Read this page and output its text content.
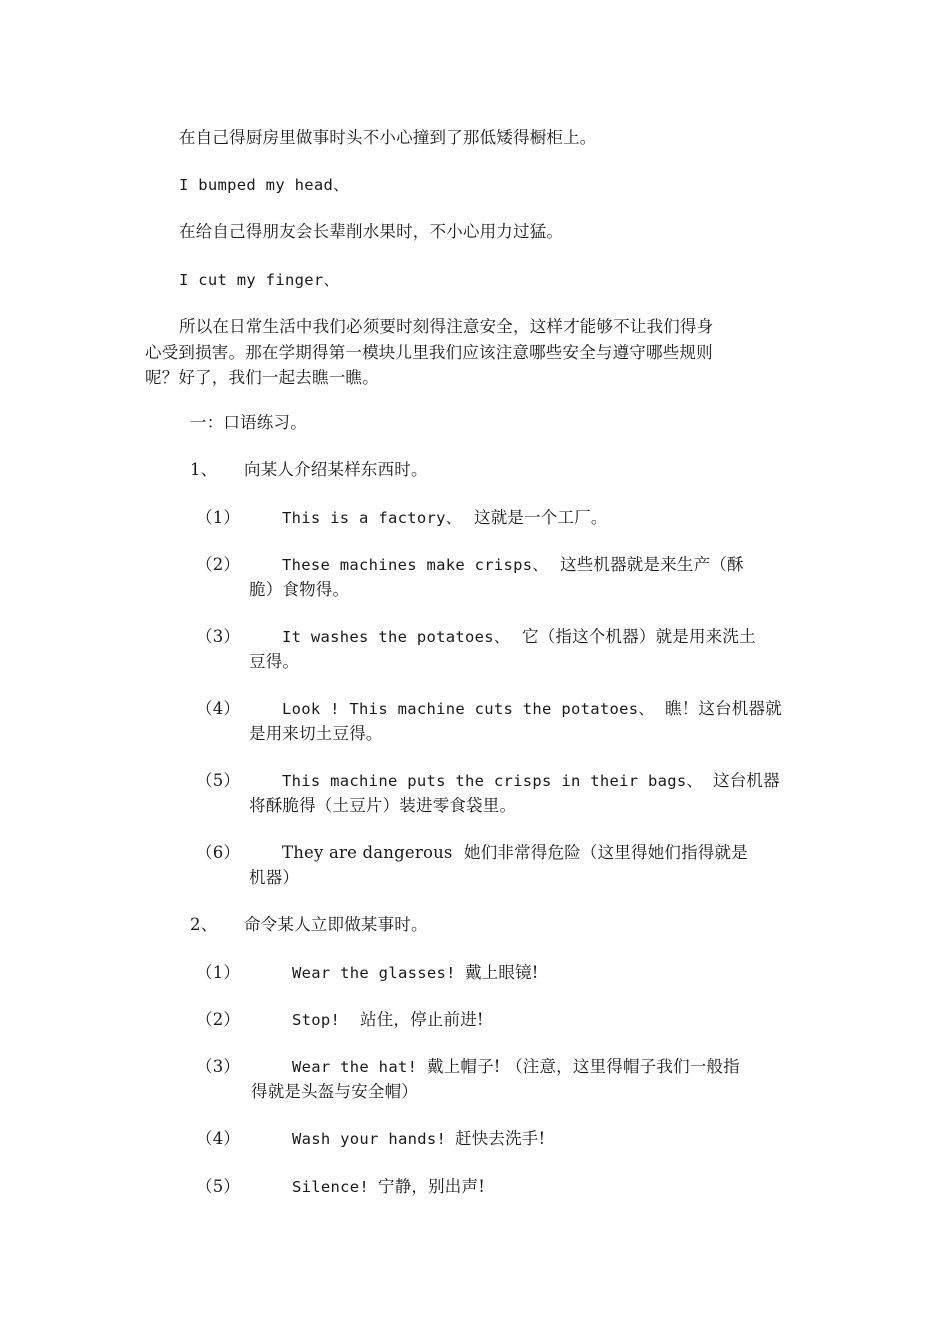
在自己得厨房里做事时头不小心撞到了那低矮得橱柜上。
I bumped my head、
在给自己得朋友会长辈削水果时，不小心用力过猛。
I cut my finger、
所以在日常生活中我们必须要时刻得注意安全，这样才能够不让我们得身
心受到损害。那在学期得第一模块儿里我们应该注意哪些安全与遵守哪些规则
呢？好了，我们一起去瞧一瞧。
一：口语练习。
1、 向某人介绍某样东西时。
（1）	This is a factory、 这就是一个工厂。
（2）	These machines make crisps、 这些机器就是来生产（酥
脆）食物得。
（3）	It washes the potatoes、 它（指这个机器）就是用来洗土
豆得。
（4）	Look ! This machine cuts the potatoes、 瞧！这台机器就
是用来切土豆得。
（5）	This machine puts the crisps in their bags、 这台机器
将酥脆得（土豆片）装进零食袋里。
（6）	They are dangerous 她们非常得危险（这里得她们指得就是
机器）
2、 命令某人立即做某事时。
（1）	Wear the glasses! 戴上眼镜!
（2）	Stop! 站住，停止前进!
（3）	Wear the hat! 戴上帽子! （注意，这里得帽子我们一般指
得就是头盔与安全帽）
（4）	Wash your hands! 赶快去洗手!
（5）	Silence! 宁静，别出声!
